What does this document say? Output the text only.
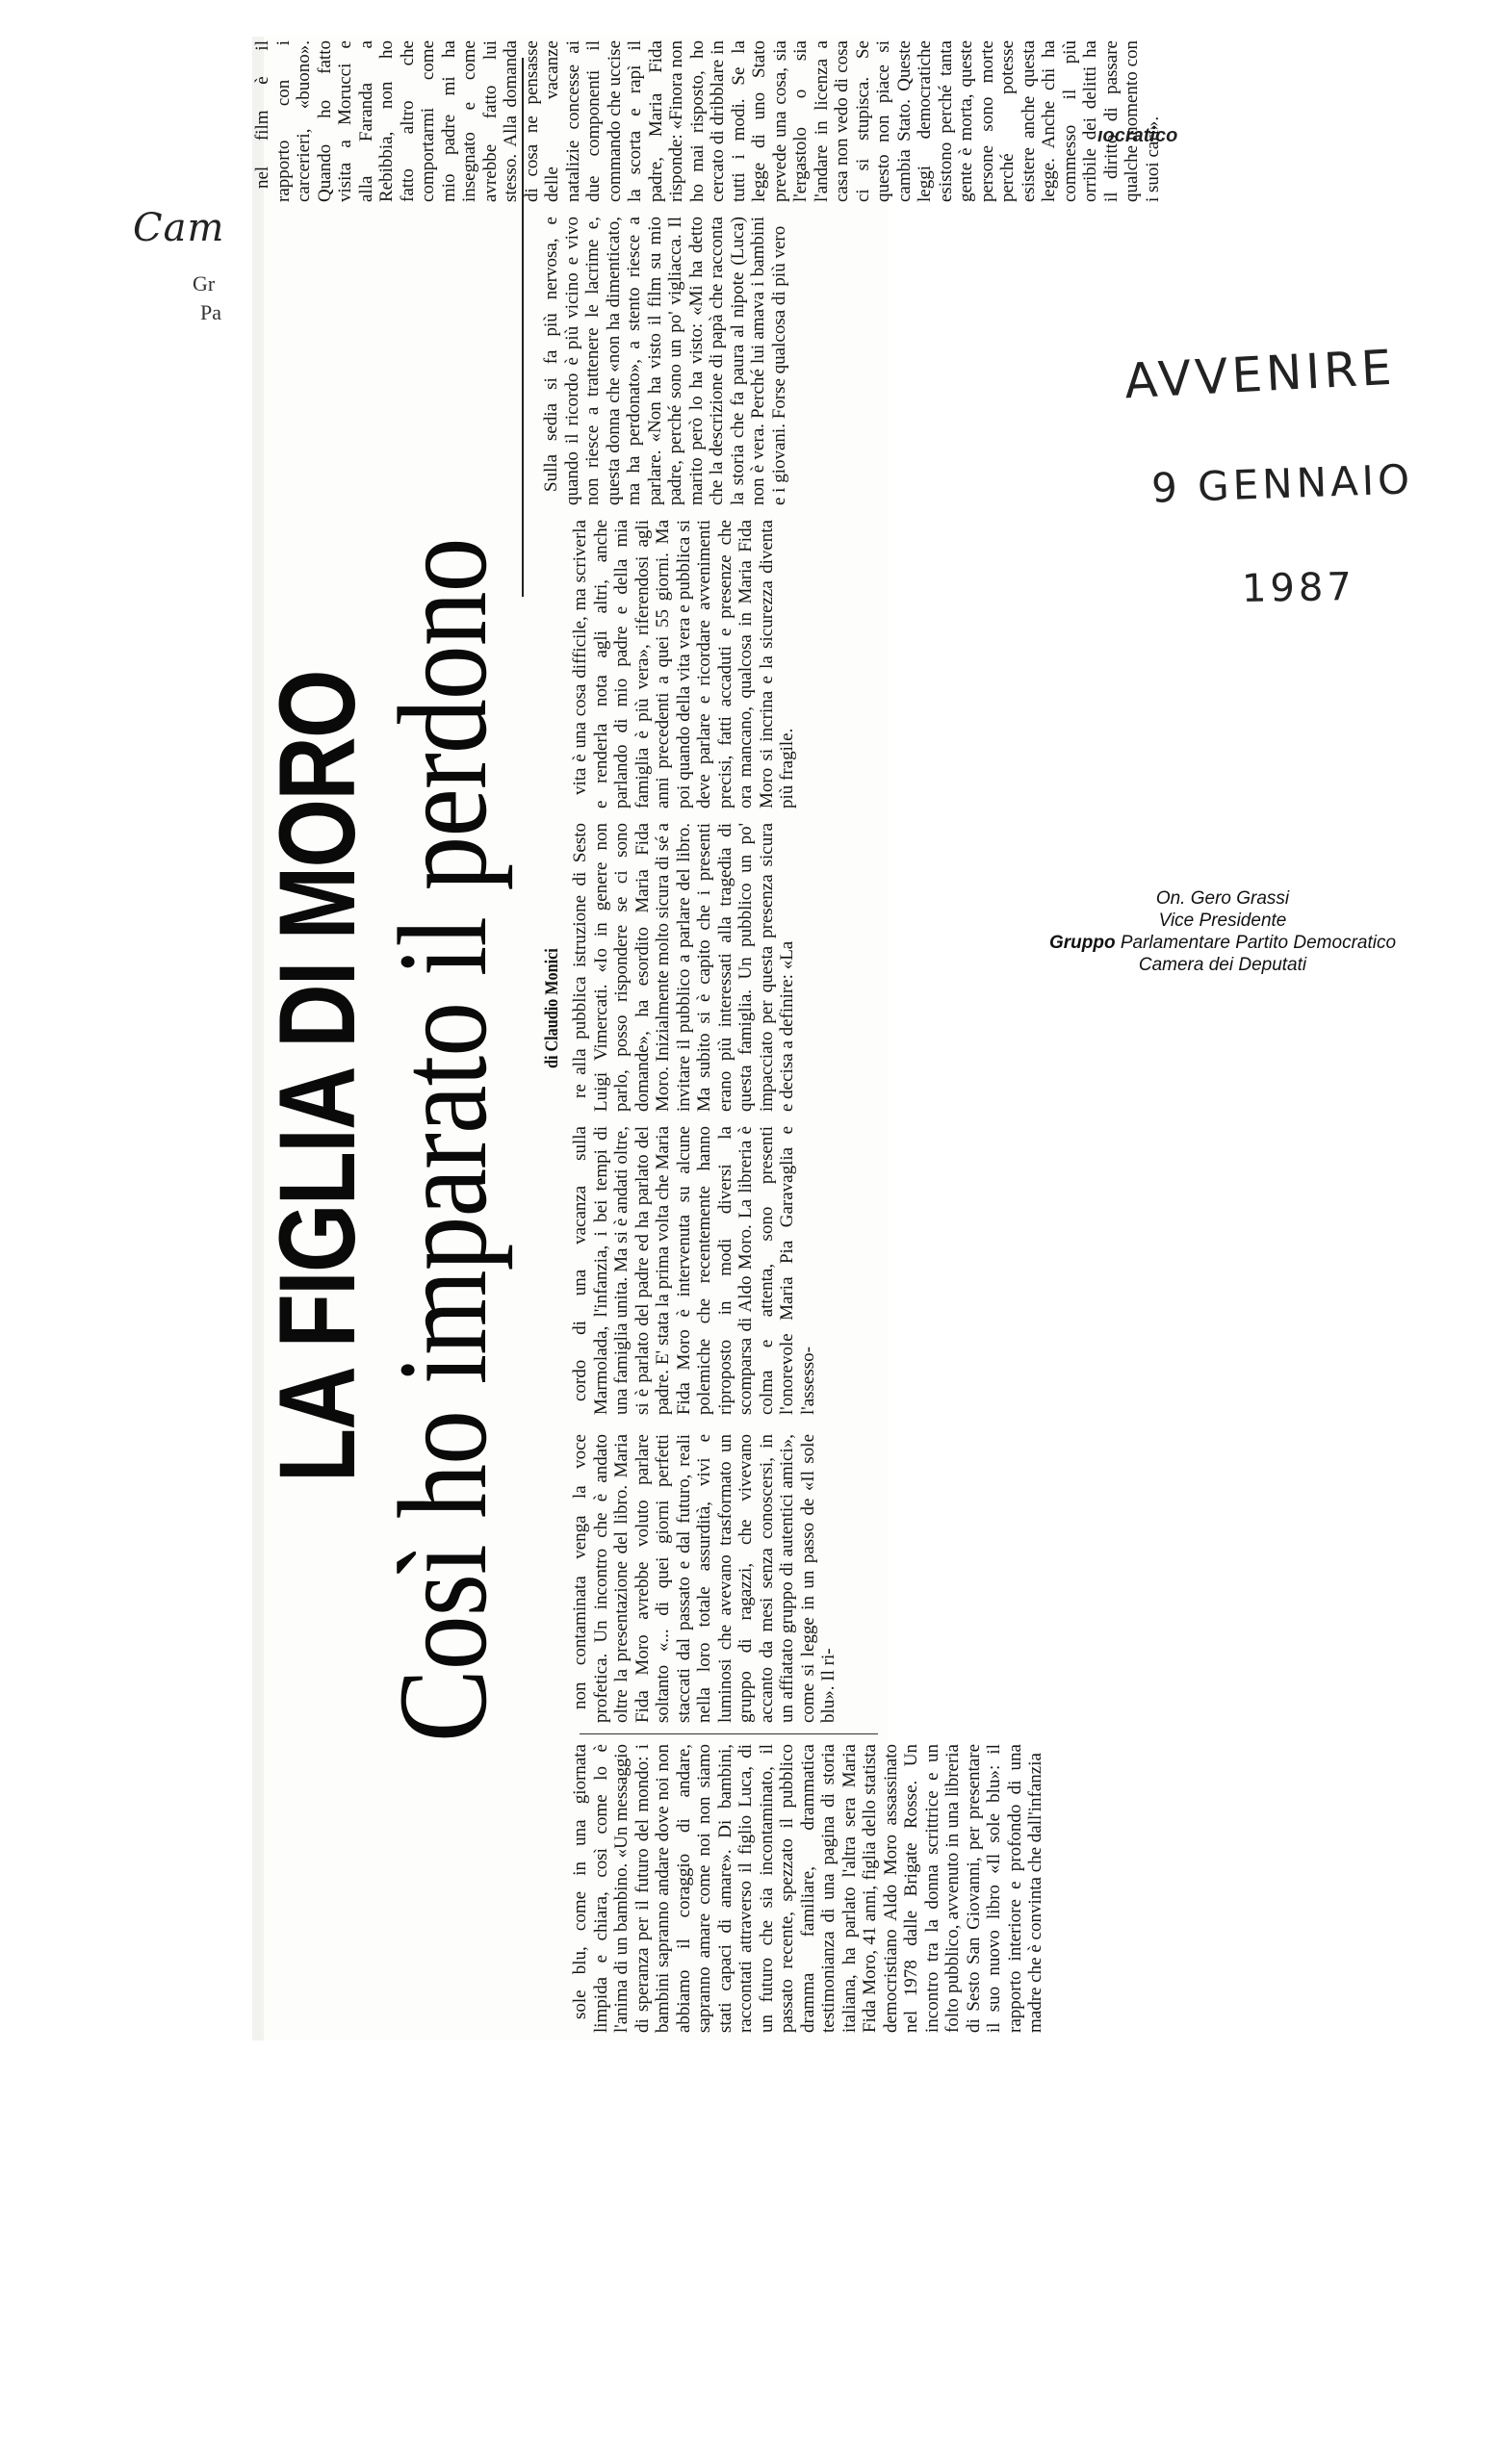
Cam
Gr
Pa
ıocratico
LA FIGLIA DI MORO
Così ho imparato il perdono di Claudio Monici

sole blu, come in una giornata limpida e chiara, così come lo è l'anima di un bambino. «Un messaggio di speranza per il futuro del mondo: i bambini sapranno andare dove noi non abbiamo il coraggio di andare, sapranno amare come noi non siamo stati capaci di amare». Di bambini, raccontati attraverso il figlio Luca, di un futuro che sia incontaminato, il passato recente, spezzato il pubblico dramma familiare, drammatica testimonianza di una pagina di storia italiana, ha parlato l'altra sera Maria Fida Moro, 41 anni, figlia dello statista democristiano Aldo Moro assassinato nel 1978 dalle Brigate Rosse. Un incontro tra la donna scrittrice e un folto pubblico, avvenuto in una libreria di Sesto San Giovanni, per presentare il suo nuovo libro «Il sole blu»: il rapporto interiore e profondo di una madre che è convinta che dall'infanzia

non contaminata venga la voce profetica. Un incontro che è andato oltre la presentazione del libro. Maria Fida Moro avrebbe voluto parlare soltanto «... di quei giorni perfetti staccati dal passato e dal futuro, reali nella loro totale assurdità, vivi e luminosi che avevano trasformato un gruppo di ragazzi, che vivevano accanto da mesi senza conoscersi, in un affiatato gruppo di autentici amici», come si legge in un passo de «Il sole blu». Il ri-

cordo di una vacanza sulla Marmolada, l'infanzia, i bei tempi di una famiglia unita. Ma si è andati oltre, si è parlato del padre ed ha parlato del padre. E' stata la prima volta che Maria Fida Moro è intervenuta su alcune polemiche che recentemente hanno riproposto in modi diversi la scomparsa di Aldo Moro. La libreria è colma e attenta, sono presenti l'onorevole Maria Pia Garavaglia e l'assesso-

re alla pubblica istruzione di Sesto Luigi Vimercati. «Io in genere non parlo, posso rispondere se ci sono domande», ha esordito Maria Fida Moro. Inizialmente molto sicura di sé a invitare il pubblico a parlare del libro. Ma subito si è capito che i presenti erano più interessati alla tragedia di questa famiglia. Un pubblico un po' impacciato per questa presenza sicura e decisa a definire: «La

vita è una cosa difficile, ma scriverla e renderla nota agli altri, anche parlando di mio padre e della mia famiglia è più vera», riferendosi agli anni precedenti a quei 55 giorni. Ma poi quando della vita vera e pubblica si deve parlare e ricordare avvenimenti precisi, fatti accaduti e presenze che ora mancano, qualcosa in Maria Fida Moro si incrina e la sicurezza diventa più fragile.

Sulla sedia si fa più nervosa, e quando il ricordo è più vicino e vivo non riesce a trattenere le lacrime e, questa donna che «non ha dimenticato, ma ha perdonato», a stento riesce a parlare. «Non ha visto il film su mio padre, perché sono un po' vigliacca. Il marito però lo ha visto: «Mi ha detto che la descrizione di papà che racconta la storia che fa paura al nipote (Luca) non è vera. Perché lui amava i bambini e i giovani. Forse qualcosa di più vero

nel film è il rapporto con i carcerieri, «buono». Quando ho fatto visita a Morucci e alla Faranda a Rebibbia, non ho fatto altro che comportarmi come mio padre mi ha insegnato e come avrebbe fatto lui stesso. Alla domanda di cosa ne pensasse delle vacanze natalizie concesse ai due componenti il commando che uccise la scorta e rapì il padre, Maria Fida risponde: «Finora non ho mai risposto, ho cercato di dribblare in tutti i modi. Se la legge di uno Stato prevede una cosa, sia l'ergastolo o sia l'andare in licenza a casa non vedo di cosa ci si stupisca. Se questo non piace si cambia Stato. Queste leggi democratiche esistono perché tanta gente è morta, queste persone sono morte perché potesse esistere anche questa legge. Anche chi ha commesso il più orribile dei delitti ha il diritto di passare qualche momento con i suoi cari».

AVVENIRE
9 GENNAIO
1987
On. Gero Grassi
Vice Presidente
Gruppo Parlamentare Partito Democratico
Camera dei Deputati
